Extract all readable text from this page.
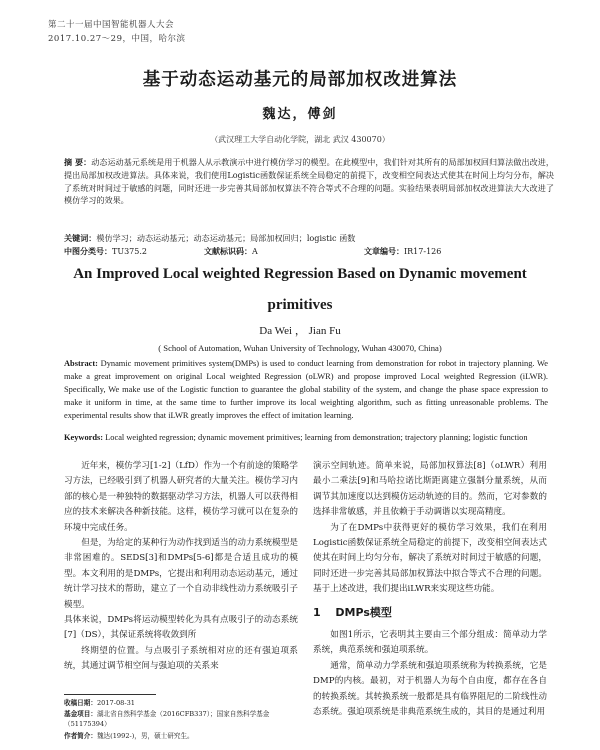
第二十一届中国智能机器人大会
2017.10.27～29，中国，哈尔滨
基于动态运动基元的局部加权改进算法
魏达，傅剑
（武汉理工大学自动化学院，湖北 武汉 430070）
摘 要：动态运动基元系统是用于机器人从示教演示中进行模仿学习的模型。在此模型中，我们针对其所有的局部加权回归算法做出改进，提出局部加权改进算法。具体来说，我们使用Logistic函数保证系统全局稳定的前提下，改变相空间表达式使其在时间上均匀分布，解决了系统对时间过于敏感的问题，同时还进一步完善其局部加权算法不符合等式不合理的问题。实验结果表明局部加权改进算法大大改进了模仿学习的效果。
关键词：模仿学习；动态运动基元；动态运动基元；局部加权回归；logistic 函数
中图分类号：TU375.2	文献标识码：A	文章编号：IR17-126
An Improved Local weighted Regression Based on Dynamic movement
primitives
Da Wei ， Jian Fu
( School of Automation, Wuhan University of Technology, Wuhan 430070, China)
Abstract: Dynamic movement primitives system(DMPs) is used to conduct learning from demonstration for robot in trajectory planning. We make a great improvement on original Local weighted Regression (oLWR) and propose improved Local weighted Regression (iLWR). Specifically, We make use of the Logistic function to guarantee the global stability of the system, and change the phase space expression to make it uniform in time, at the same time to further improve its local weighting algorithm, such as fitting unreasonable problems. The experimental results show that iLWR greatly improves the effect of imitation learning.
Keywords: Local weighted regression; dynamic movement primitives; learning from demonstration; trajectory planning; logistic function

近年来，模仿学习[1-2]（LfD）作为一个有前途的策略学习方法，已经吸引到了机器人研究者的大量关注。模仿学习内部的核心是一种独特的数据驱动学习方法，机器人可以获得相应的技术来解决各种新技能。这样，模仿学习就可以在复杂的环境中完成任务。

但是，为给定的某种行为动作找到适当的动力系统模型是非常困难的。SEDS[3]和DMPs[5-6]都是合适且成功的模型。本文利用的是DMPs，它提出和利用动态运动基元，通过统计学习技术的帮助，建立了一个自动非线性动力系统吸引子模型。

具体来说，DMPs将运动模型转化为具有点吸引子的动态系统[7]（DS），其保证系统将收敛到所

终期望的位置。与点吸引子系统相对应的还有强迫项系统，其通过调节相空间与强迫项的关系来

演示空间轨迹。简单来说，局部加权算法[8]（oLWR）利用最小二乘法[9]和马哈拉诺比斯距离建立强制分量系统，从而调节其加速度以达到模仿运动轨迹的目的。然而，它对参数的选择非常敏感，并且依赖于手动调谐以实现高精度。

为了在DMPs中获得更好的模仿学习效果，我们在利用Logistic函数保证系统全局稳定的前提下，改变相空间表达式使其在时间上均匀分布，解决了系统对时间过于敏感的问题，同时还进一步完善其局部加权算法中拟合等式不合理的问题。基于上述改进，我们提出iLWR来实现这些功能。

1 DMPs模型

如图1所示，它表明其主要由三个部分组成：简单动力学系统，典范系统和强迫项系统。

通常，简单动力学系统和强迫项系统称为转换系统，它是DMP的内核。最初，对于机器人为每个自由度，都存在各自的转换系统。其转换系统一般都是具有临界阻尼的二阶线性动态系统。强迫项系统是非典范系统生成的，其目的是通过利用

收稿日期：2017-08-31
基金项目：湖北省自然科学基金（2016CFB337）；国家自然科学基金（51175394）
作者简介：魏达(1992-)，男，硕士研究生。
